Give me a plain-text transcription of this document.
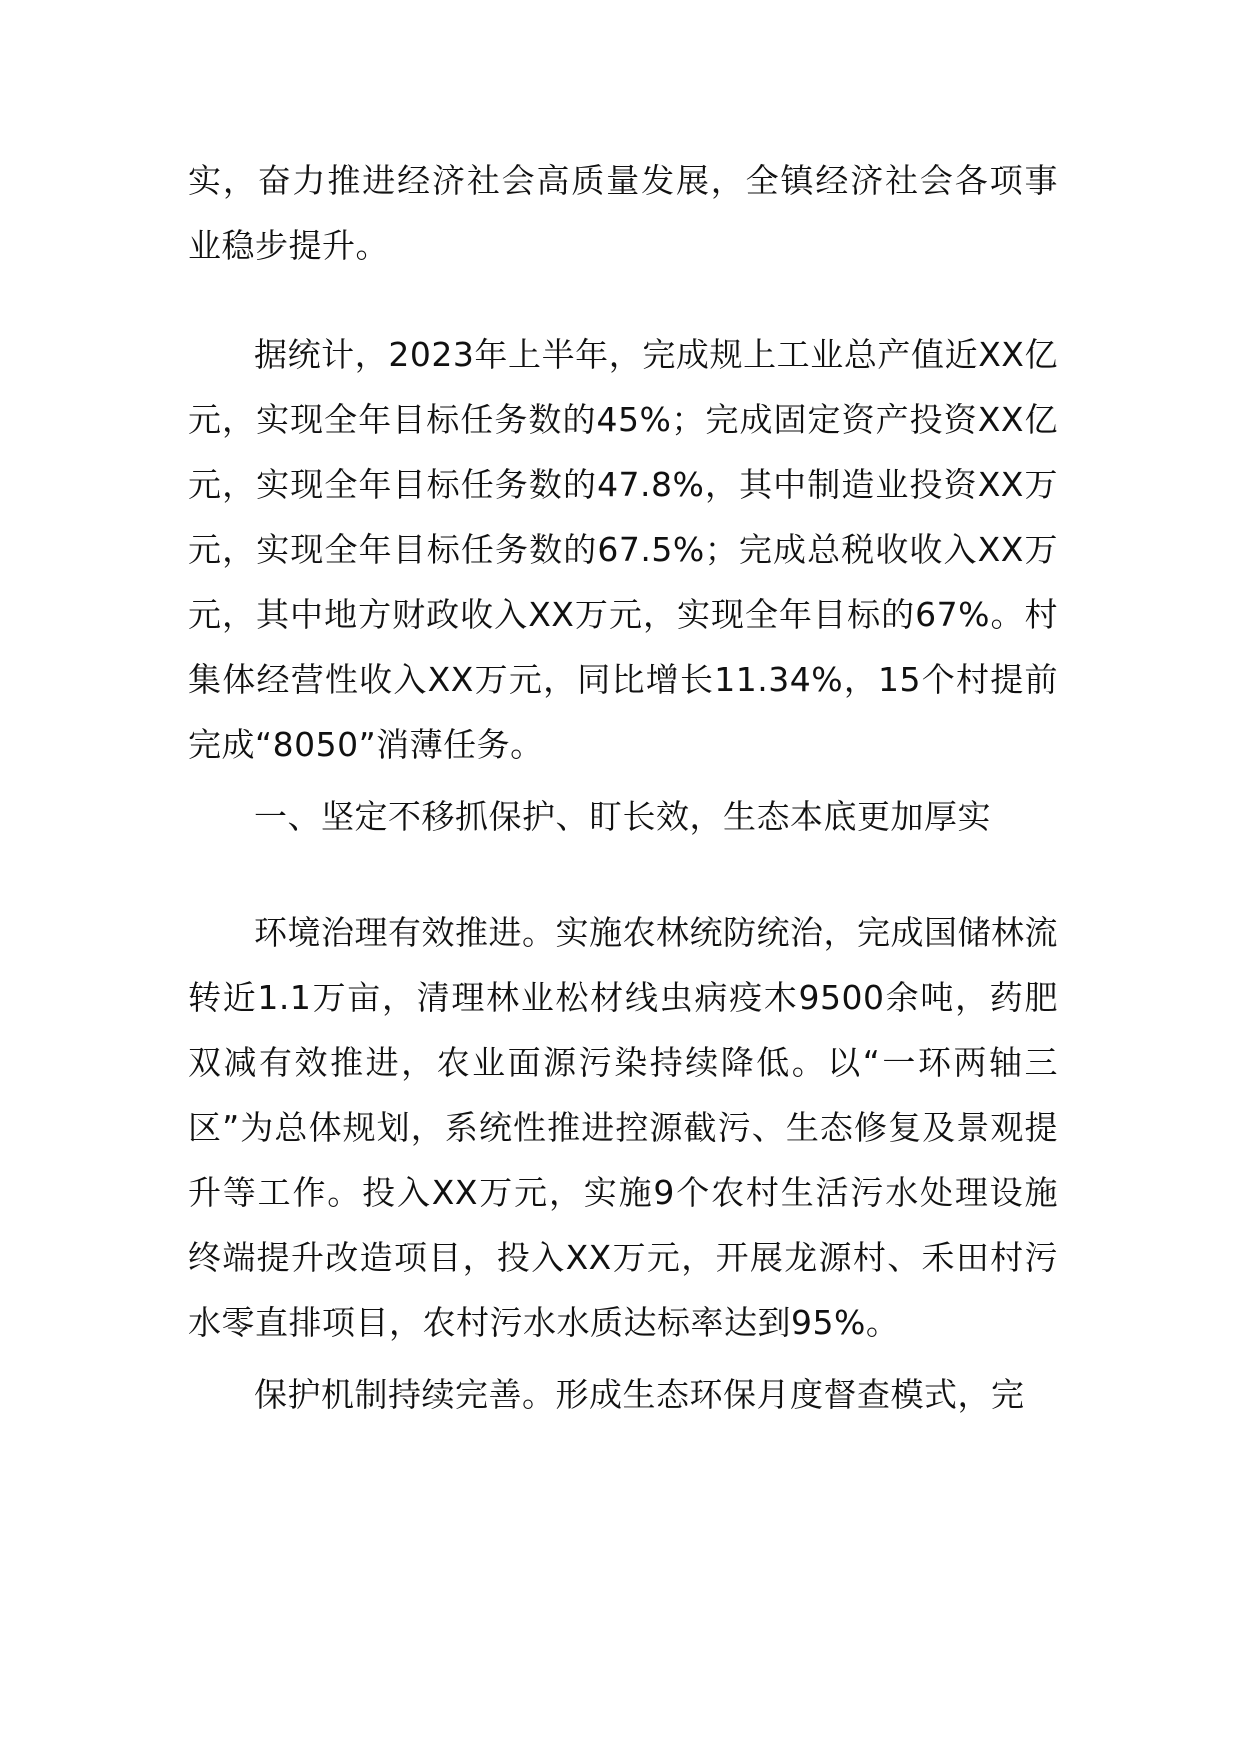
实，奋力推进经济社会高质量发展，全镇经济社会各项事业稳步提升。

据统计，2023年上半年，完成规上工业总产值近XX亿元，实现全年目标任务数的45%；完成固定资产投资XX亿元，实现全年目标任务数的47.8%，其中制造业投资XX万元，实现全年目标任务数的67.5%；完成总税收收入XX万元，其中地方财政收入XX万元，实现全年目标的67%。村集体经营性收入XX万元，同比增长11.34%，15个村提前完成“8050”消薄任务。

一、坚定不移抓保护、盯长效，生态本底更加厚实

环境治理有效推进。实施农林统防统治，完成国储林流转近1.1万亩，清理林业松材线虫病疫木9500余吨，药肥双减有效推进，农业面源污染持续降低。以“一环两轴三区”为总体规划，系统性推进控源截污、生态修复及景观提升等工作。投入XX万元，实施9个农村生活污水处理设施终端提升改造项目，投入XX万元，开展龙源村、禾田村污水零直排项目，农村污水水质达标率达到95%。

保护机制持续完善。形成生态环保月度督查模式，完
